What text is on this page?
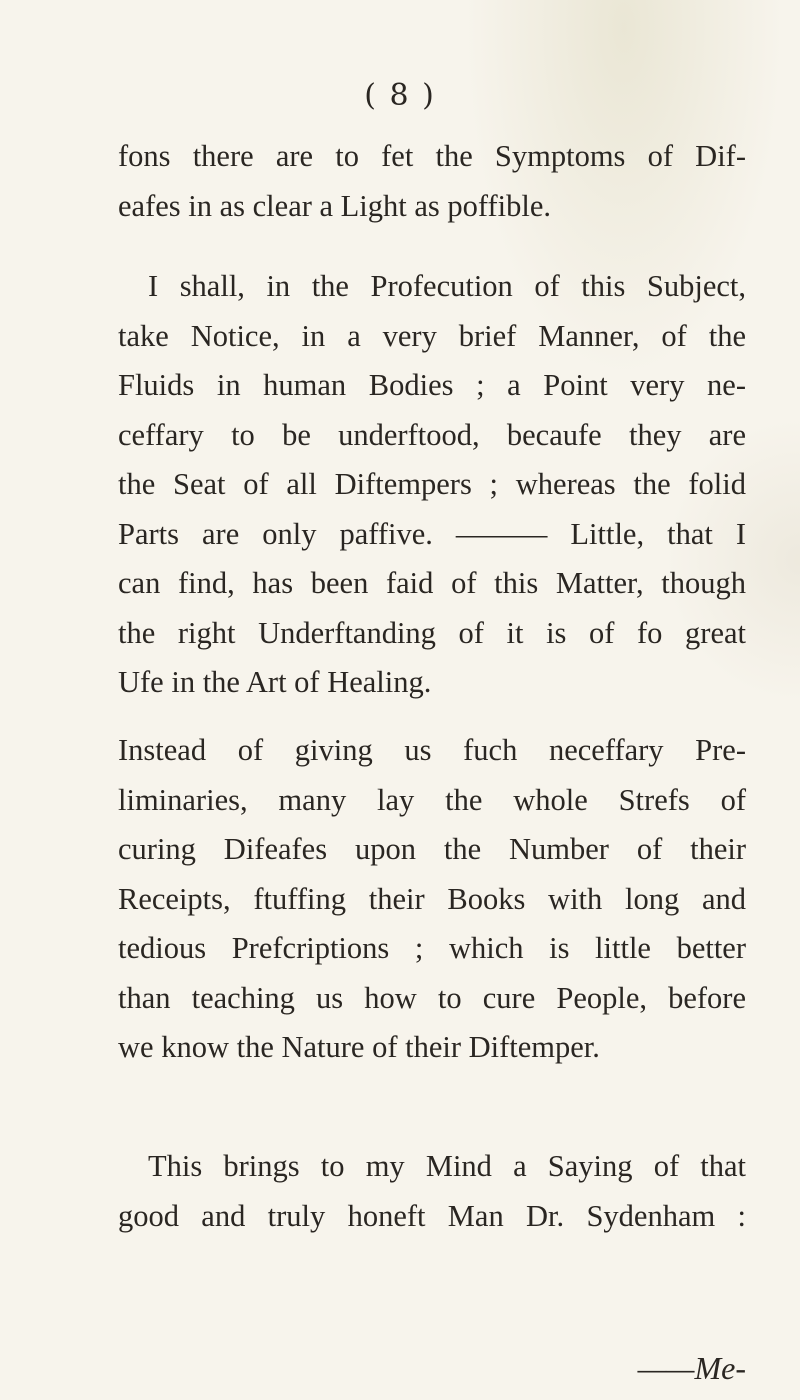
( 8 )
fons there are to fet the Symptoms of Dif-
eafes in as clear a Light as poffible.
I shall, in the Profecution of this Subject,
take Notice, in a very brief Manner, of the
Fluids in human Bodies ; a Point very ne-
ceffary to be underftood, becaufe they are
the Seat of all Diftempers ; whereas the folid
Parts are only paffive. ——— Little, that I
can find, has been faid of this Matter, though
the right Underftanding of it is of fo great
Ufe in the Art of Healing.
Instead of giving us fuch neceffary Pre-
liminaries, many lay the whole Strefs of
curing Difeafes upon the Number of their
Receipts, ftuffing their Books with long and
tedious Prefcriptions ; which is little better
than teaching us how to cure People, before
we know the Nature of their Diftemper.
This brings to my Mind a Saying of that
good and truly honeft Man Dr. Sydenham :
——Me-
